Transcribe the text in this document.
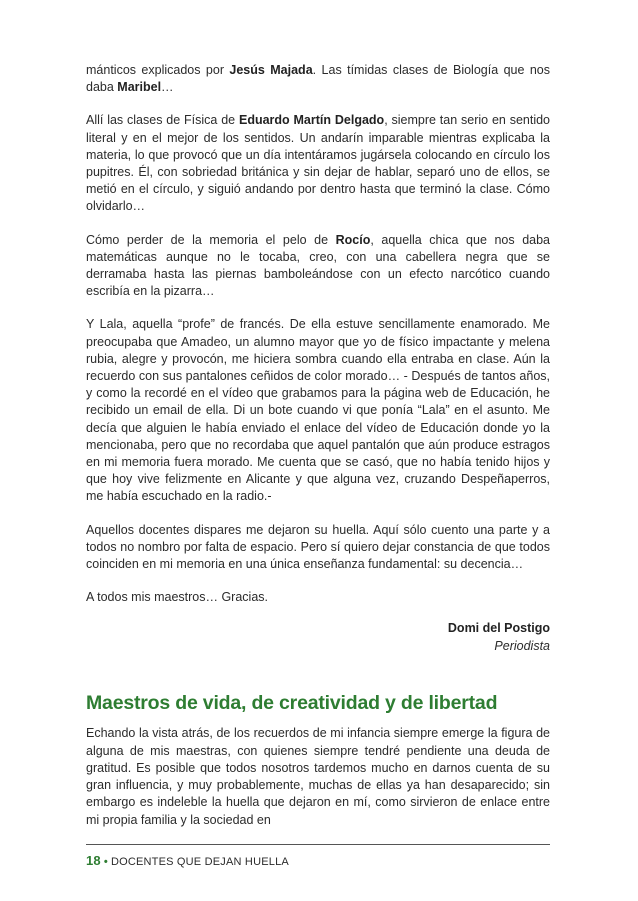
mánticos explicados por Jesús Majada. Las tímidas clases de Biología que nos daba Maribel…

Allí las clases de Física de Eduardo Martín Delgado, siempre tan serio en sentido literal y en el mejor de los sentidos. Un andarín imparable mientras explicaba la materia, lo que provocó que un día intentáramos jugársela colocando en círculo los pupitres. Él, con sobriedad británica y sin dejar de hablar, separó uno de ellos, se metió en el círculo, y siguió andando por dentro hasta que terminó la clase. Cómo olvidarlo…

Cómo perder de la memoria el pelo de Rocío, aquella chica que nos daba matemáticas aunque no le tocaba, creo, con una cabellera negra que se derramaba hasta las piernas bamboleándose con un efecto narcótico cuando escribía en la pizarra…

Y Lala, aquella “profe” de francés. De ella estuve sencillamente enamorado. Me preocupaba que Amadeo, un alumno mayor que yo de físico impactante y melena rubia, alegre y provocón, me hiciera sombra cuando ella entraba en clase. Aún la recuerdo con sus pantalones ceñidos de color morado… - Después de tantos años, y como la recordé en el vídeo que grabamos para la página web de Educación, he recibido un email de ella. Di un bote cuando vi que ponía “Lala” en el asunto. Me decía que alguien le había enviado el enlace del vídeo de Educación donde yo la mencionaba, pero que no recordaba que aquel pantalón que aún produce estragos en mi memoria fuera morado. Me cuenta que se casó, que no había tenido hijos y que hoy vive felizmente en Alicante y que alguna vez, cruzando Despeñaperros, me había escuchado en la radio.-

Aquellos docentes dispares me dejaron su huella. Aquí sólo cuento una parte y a todos no nombro por falta de espacio. Pero sí quiero dejar constancia de que todos coinciden en mi memoria en una única enseñanza fundamental: su decencia…

A todos mis maestros… Gracias.

Domi del Postigo
Periodista
Maestros de vida, de creatividad y de libertad

Echando la vista atrás, de los recuerdos de mi infancia siempre emerge la figura de alguna de mis maestras, con quienes siempre tendré pendiente una deuda de gratitud. Es posible que todos nosotros tardemos mucho en darnos cuenta de su gran influencia, y muy probablemente, muchas de ellas ya han desaparecido; sin embargo es indeleble la huella que dejaron en mí, como sirvieron de enlace entre mi propia familia y la sociedad en

18 • DOCENTES QUE DEJAN HUELLA
